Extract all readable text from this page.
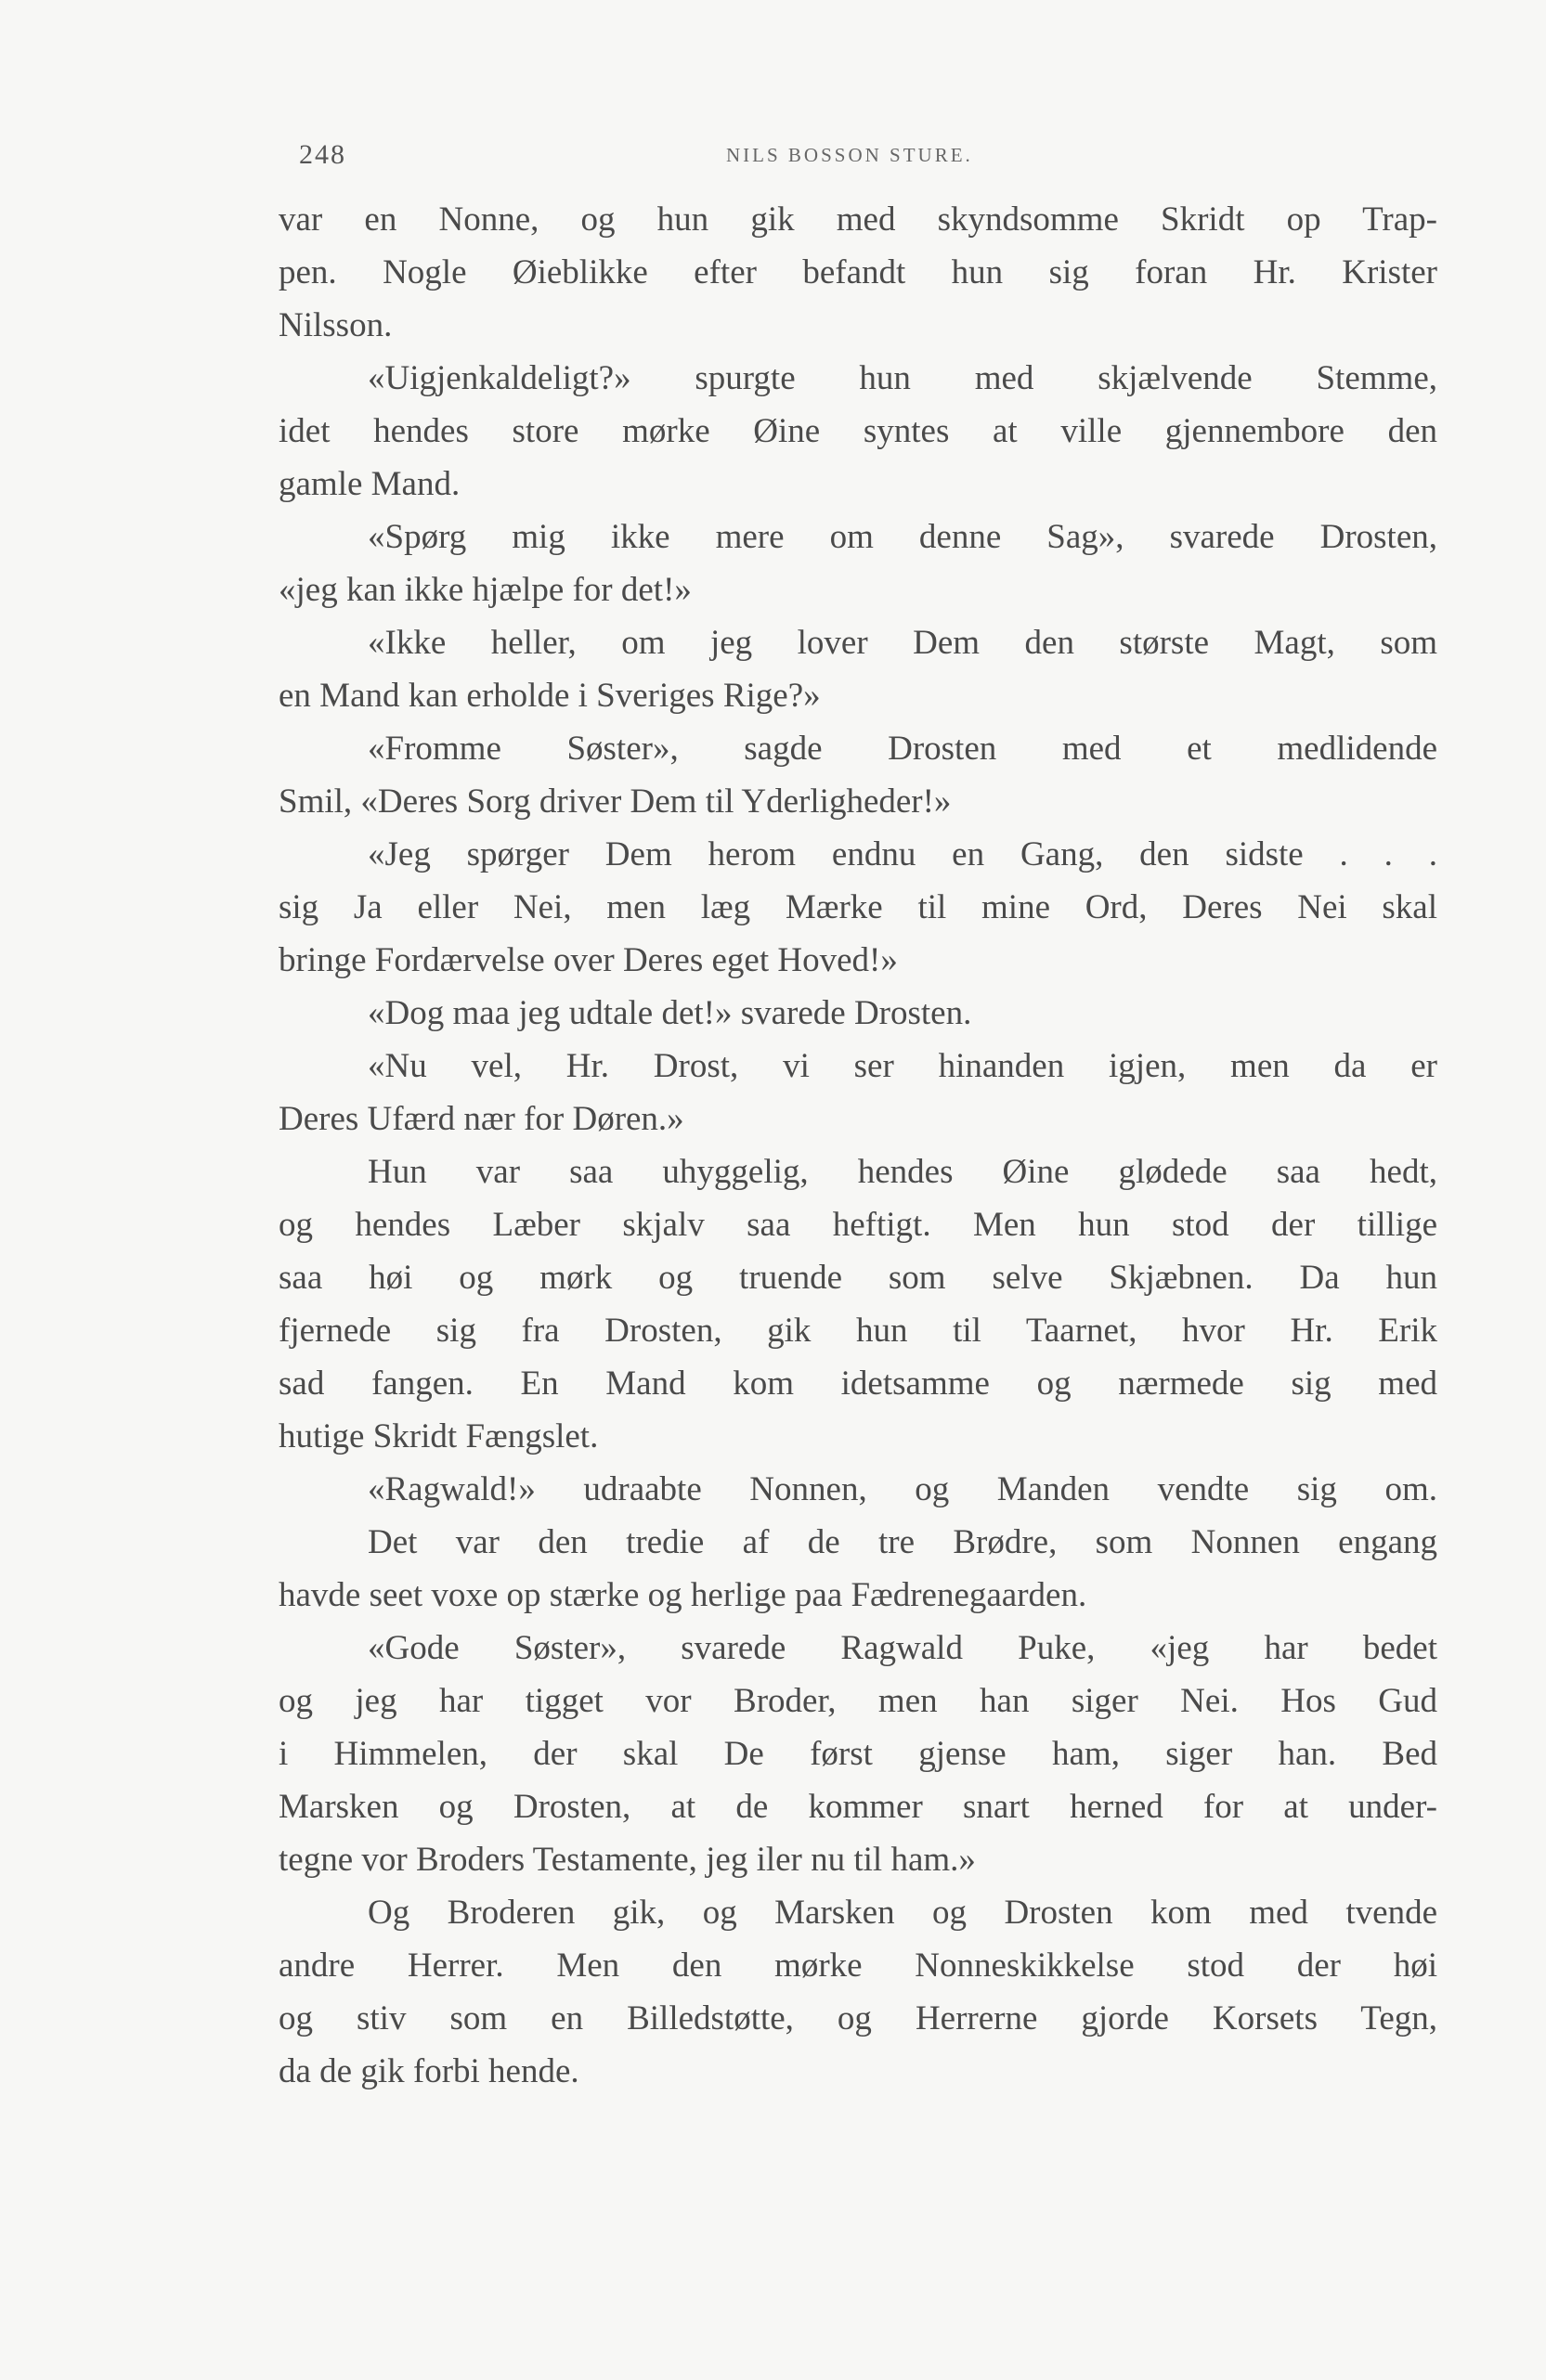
248	NILS BOSSON STURE.
var en Nonne, og hun gik med skyndsomme Skridt op Trap-
pen. Nogle Øieblikke efter befandt hun sig foran Hr. Krister
Nilsson.
«Uigjenkaldeligt?» spurgte hun med skjælvende Stemme,
idet hendes store mørke Øine syntes at ville gjennembore den
gamle Mand.
«Spørg mig ikke mere om denne Sag», svarede Drosten,
«jeg kan ikke hjælpe for det!»
«Ikke heller, om jeg lover Dem den største Magt, som
en Mand kan erholde i Sveriges Rige?»
«Fromme Søster», sagde Drosten med et medlidende
Smil, «Deres Sorg driver Dem til Yderligheder!»
«Jeg spørger Dem herom endnu en Gang, den sidste . . .
sig Ja eller Nei, men læg Mærke til mine Ord, Deres Nei skal
bringe Fordærvelse over Deres eget Hoved!»
«Dog maa jeg udtale det!» svarede Drosten.
«Nu vel, Hr. Drost, vi ser hinanden igjen, men da er
Deres Ufærd nær for Døren.»
Hun var saa uhyggelig, hendes Øine glødede saa hedt,
og hendes Læber skjalv saa heftigt. Men hun stod der tillige
saa høi og mørk og truende som selve Skjæbnen. Da hun
fjernede sig fra Drosten, gik hun til Taarnet, hvor Hr. Erik
sad fangen. En Mand kom idetsamme og nærmede sig med
hutige Skridt Fængslet.
«Ragwald!» udraabte Nonnen, og Manden vendte sig om.
Det var den tredie af de tre Brødre, som Nonnen engang
havde seet voxe op stærke og herlige paa Fædrenegaarden.
«Gode Søster», svarede Ragwald Puke, «jeg har bedet
og jeg har tigget vor Broder, men han siger Nei. Hos Gud
i Himmelen, der skal De først gjense ham, siger han. Bed
Marsken og Drosten, at de kommer snart herned for at under-
tegne vor Broders Testamente, jeg iler nu til ham.»
Og Broderen gik, og Marsken og Drosten kom med tvende
andre Herrer. Men den mørke Nonneskikkelse stod der høi
og stiv som en Billedstøtte, og Herrerne gjorde Korsets Tegn,
da de gik forbi hende.
